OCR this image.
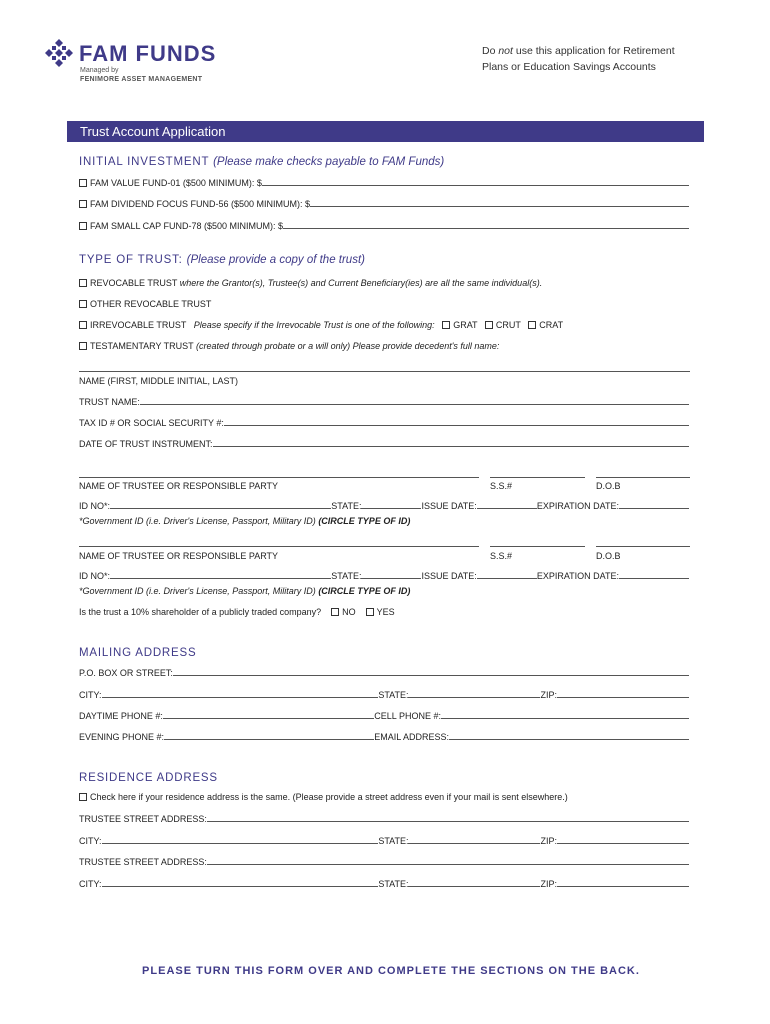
FAM FUNDS
Managed by
FENIMORE ASSET MANAGEMENT
Do not use this application for Retirement
Plans or Education Savings Accounts
Trust Account Application
INITIAL INVESTMENT (Please make checks payable to FAM Funds)
FAM VALUE FUND-01 ($500 MINIMUM): $
FAM DIVIDEND FOCUS FUND-56 ($500 MINIMUM): $
FAM SMALL CAP FUND-78 ($500 MINIMUM): $
TYPE OF TRUST: (Please provide a copy of the trust)
REVOCABLE TRUST where the Grantor(s), Trustee(s) and Current Beneficiary(ies) are all the same individual(s).
OTHER REVOCABLE TRUST
IRREVOCABLE TRUST Please specify if the Irrevocable Trust is one of the following: GRAT CRUT CRAT
TESTAMENTARY TRUST (created through probate or a will only) Please provide decedent's full name:
NAME (FIRST, MIDDLE INITIAL, LAST)
TRUST NAME:
TAX ID # OR SOCIAL SECURITY #:
DATE OF TRUST INSTRUMENT:
NAME OF TRUSTEE OR RESPONSIBLE PARTY	S.S.#	D.O.B
ID NO*:	STATE:	ISSUE DATE:	EXPIRATION DATE:
*Government ID (i.e. Driver's License, Passport, Military ID) (CIRCLE TYPE OF ID)
NAME OF TRUSTEE OR RESPONSIBLE PARTY	S.S.#	D.O.B
ID NO*:	STATE:	ISSUE DATE:	EXPIRATION DATE:
*Government ID (i.e. Driver's License, Passport, Military ID) (CIRCLE TYPE OF ID)
Is the trust a 10% shareholder of a publicly traded company? NO YES
MAILING ADDRESS
P.O. BOX OR STREET:
CITY:	STATE:	ZIP:
DAYTIME PHONE #:	CELL PHONE #:
EVENING PHONE #:	EMAIL ADDRESS:
RESIDENCE ADDRESS
Check here if your residence address is the same. (Please provide a street address even if your mail is sent elsewhere.)
TRUSTEE STREET ADDRESS:
CITY:	STATE:	ZIP:
TRUSTEE STREET ADDRESS:
CITY:	STATE:	ZIP:
PLEASE TURN THIS FORM OVER AND COMPLETE THE SECTIONS ON THE BACK.
